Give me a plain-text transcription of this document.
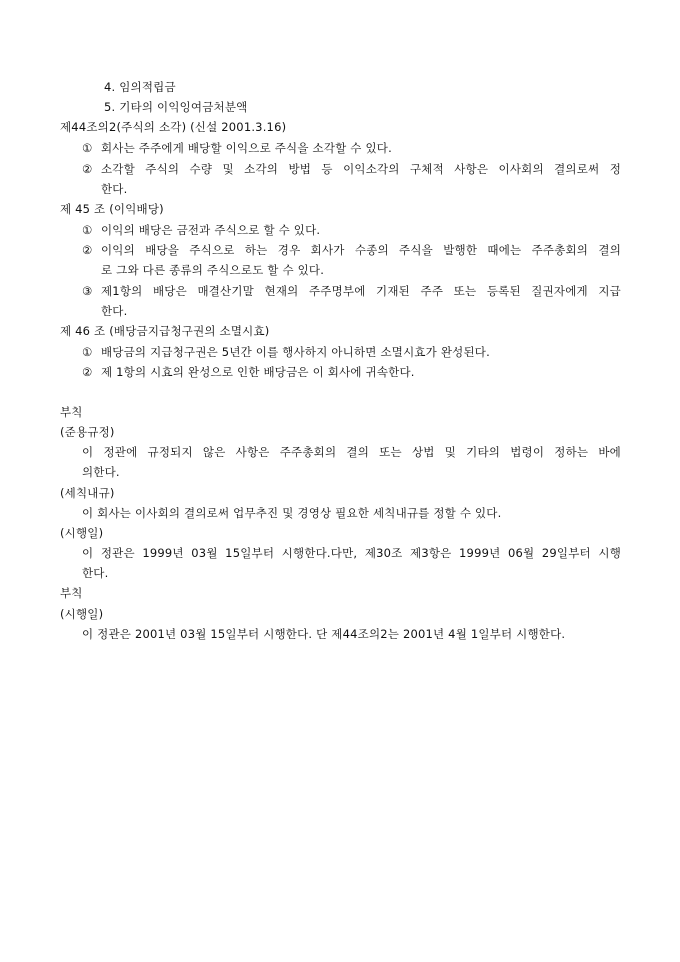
4. 임의적립금
5. 기타의 이익잉여금처분액
제44조의2(주식의 소각) (신설 2001.3.16)
① 회사는 주주에게 배당할 이익으로 주식을 소각할 수 있다.
② 소각할 주식의 수량 및 소각의 방법 등 이익소각의 구체적 사항은 이사회의 결의로써 정
한다.
제 45 조 (이익배당)
① 이익의 배당은 금전과 주식으로 할 수 있다.
② 이익의 배당을 주식으로 하는 경우 회사가 수종의 주식을 발행한 때에는 주주총회의 결의
로 그와 다른 종류의 주식으로도 할 수 있다.
③ 제1항의 배당은 매결산기말 현재의 주주명부에 기재된 주주 또는 등록된 질권자에게 지급
한다.
제 46 조 (배당금지급청구권의 소멸시효)
① 배당금의 지급청구권은 5년간 이를 행사하지 아니하면 소멸시효가 완성된다.
② 제 1항의 시효의 완성으로 인한 배당금은 이 회사에 귀속한다.
부칙
(준용규정)
이 정관에 규정되지 않은 사항은 주주총회의 결의 또는 상법 및 기타의 법령이 정하는 바에
의한다.
(세칙내규)
이 회사는 이사회의 결의로써 업무추진 및 경영상 필요한 세칙내규를 정할 수 있다.
(시행일)
이 정관은 1999년 03월 15일부터 시행한다.다만, 제30조 제3항은 1999년 06월 29일부터 시행
한다.
부칙
(시행일)
이 정관은 2001년 03월 15일부터 시행한다. 단 제44조의2는 2001년 4월 1일부터 시행한다.
